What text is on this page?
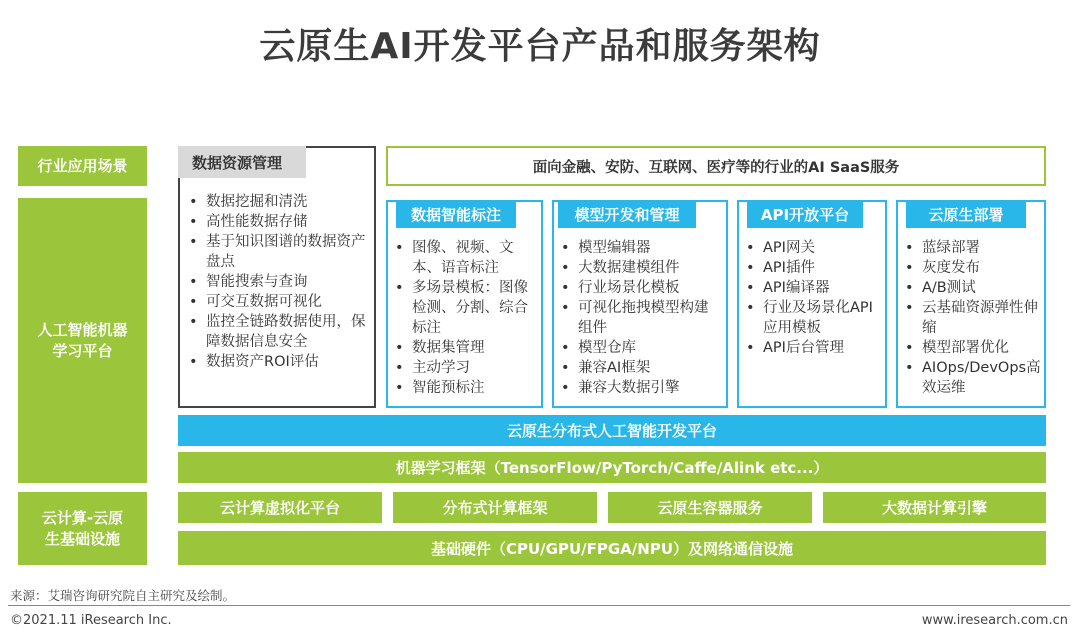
云原生AI开发平台产品和服务架构
行业应用场景
人工智能机器
学习平台
云计算-云原
生基础设施
数据资源管理
• 数据挖掘和清洗
• 高性能数据存储
• 基于知识图谱的数据资产盘点
• 智能搜索与查询
• 可交互数据可视化
• 监控全链路数据使用，保障数据信息安全
• 数据资产ROI评估
面向金融、安防、互联网、医疗等的行业的AI SaaS服务
数据智能标注
• 图像、视频、文本、语音标注
• 多场景模板：图像检测、分割、综合标注
• 数据集管理
• 主动学习
• 智能预标注
模型开发和管理
• 模型编辑器
• 大数据建模组件
• 行业场景化模板
• 可视化拖拽模型构建组件
• 模型仓库
• 兼容AI框架
• 兼容大数据引擎
API开放平台
• API网关
• API插件
• API编译器
• 行业及场景化API应用模板
• API后台管理
云原生部署
• 蓝绿部署
• 灰度发布
• A/B测试
• 云基础资源弹性伸缩
• 模型部署优化
• AIOps/DevOps高效运维
云原生分布式人工智能开发平台
机器学习框架（TensorFlow/PyTorch/Caffe/Alink etc...）
云计算虚拟化平台	分布式计算框架	云原生容器服务	大数据计算引擎
基础硬件（CPU/GPU/FPGA/NPU）及网络通信设施
来源：艾瑞咨询研究院自主研究及绘制。
©2021.11 iResearch Inc.	www.iresearch.com.cn
